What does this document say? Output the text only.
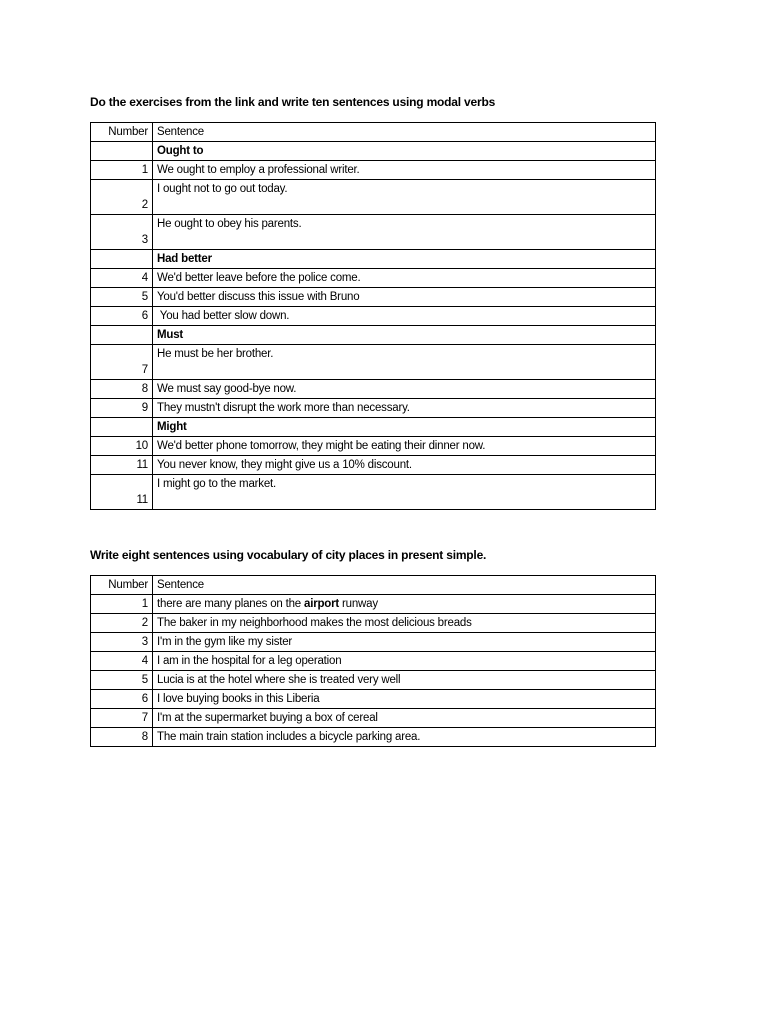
Do the exercises from the link and write ten sentences using modal verbs
Number	Sentence
	Ought to
1	We ought to employ a professional writer.
2	I ought not to go out today.
3	He ought to obey his parents.
	Had better
4	We'd better leave before the police come.
5	You'd better discuss this issue with Bruno
6	You had better slow down.
	Must
7	He must be her brother.
8	We must say good-bye now.
9	They mustn't disrupt the work more than necessary.
	Might
10	We'd better phone tomorrow, they might be eating their dinner now.
11	You never know, they might give us a 10% discount.
11	I might go to the market.
Write eight sentences using vocabulary of city places in present simple.
Number	Sentence
1	there are many planes on the airport runway
2	The baker in my neighborhood makes the most delicious breads
3	I'm in the gym like my sister
4	I am in the hospital for a leg operation
5	Lucia is at the hotel where she is treated very well
6	I love buying books in this Liberia
7	I'm at the supermarket buying a box of cereal
8	The main train station includes a bicycle parking area.
